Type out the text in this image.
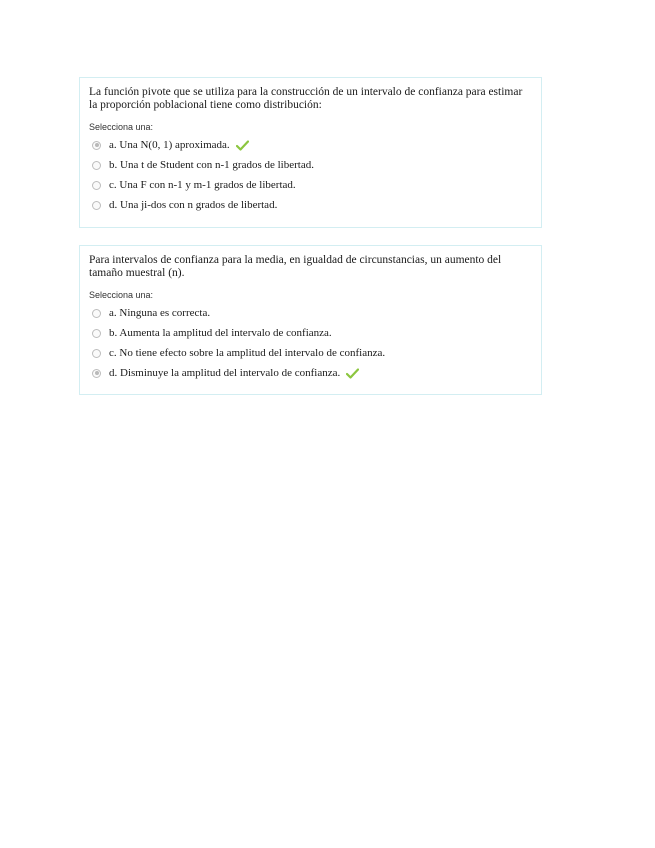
La función pivote que se utiliza para la construcción de un intervalo de confianza para estimar la proporción poblacional tiene como distribución:

Selecciona una:
a. Una N(0, 1) aproximada.
b. Una t de Student con n-1 grados de libertad.
c. Una F con n-1 y m-1 grados de libertad.
d. Una ji-dos con n grados de libertad.

Para intervalos de confianza para la media, en igualdad de circunstancias, un aumento del tamaño muestral (n).

Selecciona una:
a. Ninguna es correcta.
b. Aumenta la amplitud del intervalo de confianza.
c. No tiene efecto sobre la amplitud del intervalo de confianza.
d. Disminuye la amplitud del intervalo de confianza.
